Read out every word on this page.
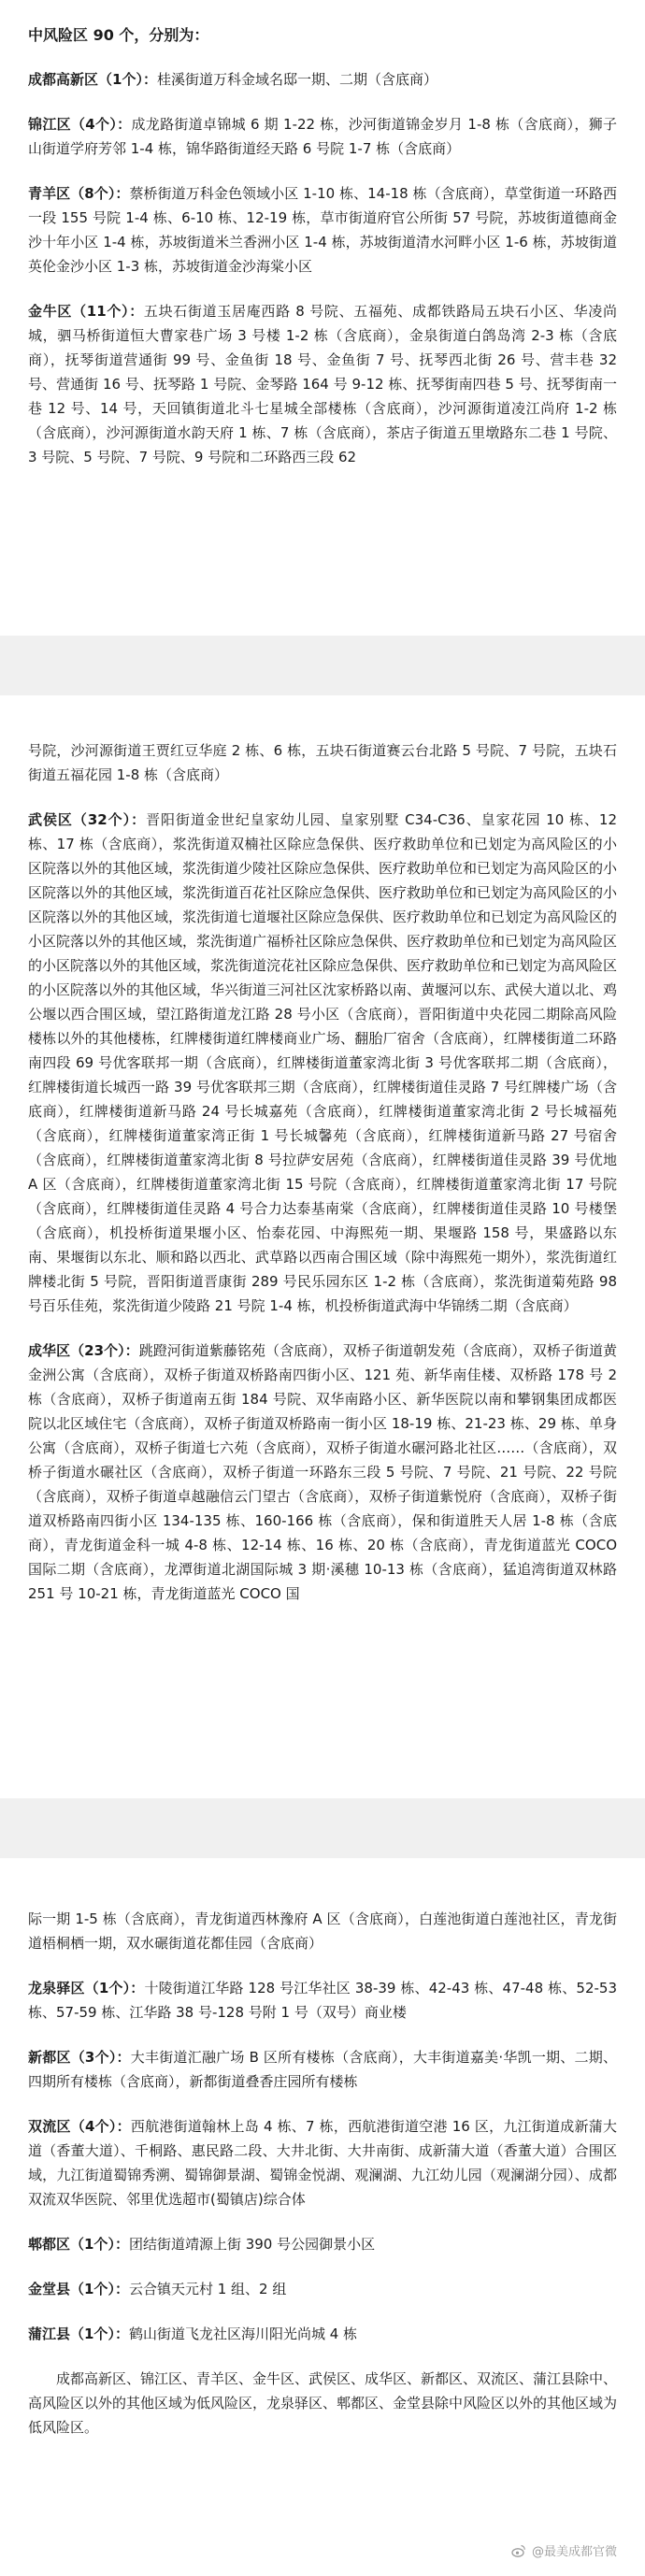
中风险区 90 个，分别为：

成都高新区（1个）：桂溪街道万科金域名邸一期、二期（含底商）

锦江区（4个）：成龙路街道卓锦城 6 期 1-22 栋，沙河街道锦金岁月 1-8 栋（含底商），狮子山街道学府芳邻 1-4 栋，锦华路街道经天路 6 号院 1-7 栋（含底商）

青羊区（8个）：蔡桥街道万科金色领域小区 1-10 栋、14-18 栋（含底商），草堂街道一环路西一段 155 号院 1-4 栋、6-10 栋、12-19 栋，草市街道府官公所街 57 号院，苏坡街道德商金沙十年小区 1-4 栋，苏坡街道米兰香洲小区 1-4 栋，苏坡街道清水河畔小区 1-6 栋，苏坡街道英伦金沙小区 1-3 栋，苏坡街道金沙海棠小区

金牛区（11个）：五块石街道玉居庵西路 8 号院、五福苑、成都铁路局五块石小区、华凌尚城，驷马桥街道恒大曹家巷广场 3 号楼 1-2 栋（含底商），金泉街道白鸽岛湾 2-3 栋（含底商），抚琴街道营通街 99 号、金鱼街 18 号、金鱼街 7 号、抚琴西北街 26 号、营丰巷 32 号、营通街 16 号、抚琴路 1 号院、金琴路 164 号 9-12 栋、抚琴街南四巷 5 号、抚琴街南一巷 12 号、14 号，天回镇街道北斗七星城全部楼栋（含底商），沙河源街道凌江尚府 1-2 栋（含底商），沙河源街道水韵天府 1 栋、7 栋（含底商），茶店子街道五里墩路东二巷 1 号院、3 号院、5 号院、7 号院、9 号院和二环路西三段 62

号院，沙河源街道王贾红豆华庭 2 栋、6 栋，五块石街道赛云台北路 5 号院、7 号院，五块石街道五福花园 1-8 栋（含底商）

武侯区（32个）：晋阳街道金世纪皇家幼儿园、皇家别墅 C34-C36、皇家花园 10 栋、12 栋、17 栋（含底商），浆洗街道双楠社区除应急保供、医疗救助单位和已划定为高风险区的小区院落以外的其他区域，浆洗街道少陵社区除应急保供、医疗救助单位和已划定为高风险区的小区院落以外的其他区域，浆洗街道百花社区除应急保供、医疗救助单位和已划定为高风险区的小区院落以外的其他区域，浆洗街道七道堰社区除应急保供、医疗救助单位和已划定为高风险区的小区院落以外的其他区域，浆洗街道广福桥社区除应急保供、医疗救助单位和已划定为高风险区的小区院落以外的其他区域，浆洗街道浣花社区除应急保供、医疗救助单位和已划定为高风险区的小区院落以外的其他区域，华兴街道三河社区沈家桥路以南、黄堰河以东、武侯大道以北、鸡公堰以西合围区域，望江路街道龙江路 28 号小区（含底商），晋阳街道中央花园二期除高风险楼栋以外的其他楼栋，红牌楼街道红牌楼商业广场、翻胎厂宿舍（含底商），红牌楼街道二环路南四段 69 号优客联邦一期（含底商），红牌楼街道董家湾北街 3 号优客联邦二期（含底商），红牌楼街道长城西一路 39 号优客联邦三期（含底商），红牌楼街道佳灵路 7 号红牌楼广场（含底商），红牌楼街道新马路 24 号长城嘉苑（含底商），红牌楼街道董家湾北街 2 号长城福苑（含底商），红牌楼街道董家湾正街 1 号长城馨苑（含底商），红牌楼街道新马路 27 号宿舍（含底商），红牌楼街道董家湾北街 8 号拉萨安居苑（含底商），红牌楼街道佳灵路 39 号优地 A 区（含底商），红牌楼街道董家湾北街 15 号院（含底商），红牌楼街道董家湾北街 17 号院（含底商），红牌楼街道佳灵路 4 号合力达泰基南棠（含底商），红牌楼街道佳灵路 10 号楼堡（含底商），机投桥街道果堰小区、怡泰花园、中海熙苑一期、果堰路 158 号，果盛路以东南、果堰街以东北、顺和路以西北、武草路以西南合围区域（除中海熙苑一期外），浆洗街道红牌楼北街 5 号院，晋阳街道晋康街 289 号民乐园东区 1-2 栋（含底商），浆洗街道菊苑路 98 号百乐佳苑，浆洗街道少陵路 21 号院 1-4 栋，机投桥街道武海中华锦绣二期（含底商）

成华区（23个）：跳蹬河街道紫藤铭苑（含底商），双桥子街道朝发苑（含底商），双桥子街道黄金洲公寓（含底商），双桥子街道双桥路南四街小区、121 苑、新华南佳楼、双桥路 178 号 2 栋（含底商），双桥子街道南五街 184 号院、双华南路小区、新华医院以南和攀钢集团成都医院以北区域住宅（含底商），双桥子街道双桥路南一街小区 18-19 栋、21-23 栋、29 栋、单身公寓（含底商），双桥子街道七六苑（含底商），双桥子街道水碾河路北社区……（含底商），双桥子街道水碾社区（含底商），双桥子街道一环路东三段 5 号院、7 号院、21 号院、22 号院（含底商），双桥子街道卓越融信云门望古（含底商），双桥子街道紫悦府（含底商），双桥子街道双桥路南四街小区 134-135 栋、160-166 栋（含底商），保和街道胜天人居 1-8 栋（含底商），青龙街道金科一城 4-8 栋、12-14 栋、16 栋、20 栋（含底商），青龙街道蓝光 COCO 国际二期（含底商），龙潭街道北湖国际城 3 期·溪穗 10-13 栋（含底商），猛追湾街道双林路 251 号 10-21 栋，青龙街道蓝光 COCO 国

际一期 1-5 栋（含底商），青龙街道西林豫府 A 区（含底商），白莲池街道白莲池社区，青龙街道梧桐栖一期，双水碾街道花都佳园（含底商）

龙泉驿区（1个）：十陵街道江华路 128 号江华社区 38-39 栋、42-43 栋、47-48 栋、52-53 栋、57-59 栋、江华路 38 号-128 号附 1 号（双号）商业楼

新都区（3个）：大丰街道汇融广场 B 区所有楼栋（含底商），大丰街道嘉美·华凯一期、二期、四期所有楼栋（含底商），新都街道叠香庄园所有楼栋

双流区（4个）：西航港街道翰林上岛 4 栋、7 栋，西航港街道空港 16 区，九江街道成新蒲大道（香董大道）、千桐路、惠民路二段、大井北街、大井南街、成新蒲大道（香董大道）合围区域，九江街道蜀锦秀溯、蜀锦御景湖、蜀锦金悦湖、观澜湖、九江幼儿园（观澜湖分园）、成都双流双华医院、邻里优选超市(蜀镇店)综合体

郫都区（1个）：团结街道靖源上街 390 号公园御景小区

金堂县（1个）：云合镇天元村 1 组、2 组

蒲江县（1个）：鹤山街道飞龙社区海川阳光尚城 4 栋

成都高新区、锦江区、青羊区、金牛区、武侯区、成华区、新都区、双流区、蒲江县除中、高风险区以外的其他区域为低风险区，龙泉驿区、郫都区、金堂县除中风险区以外的其他区域为低风险区。

@最美成都官微
